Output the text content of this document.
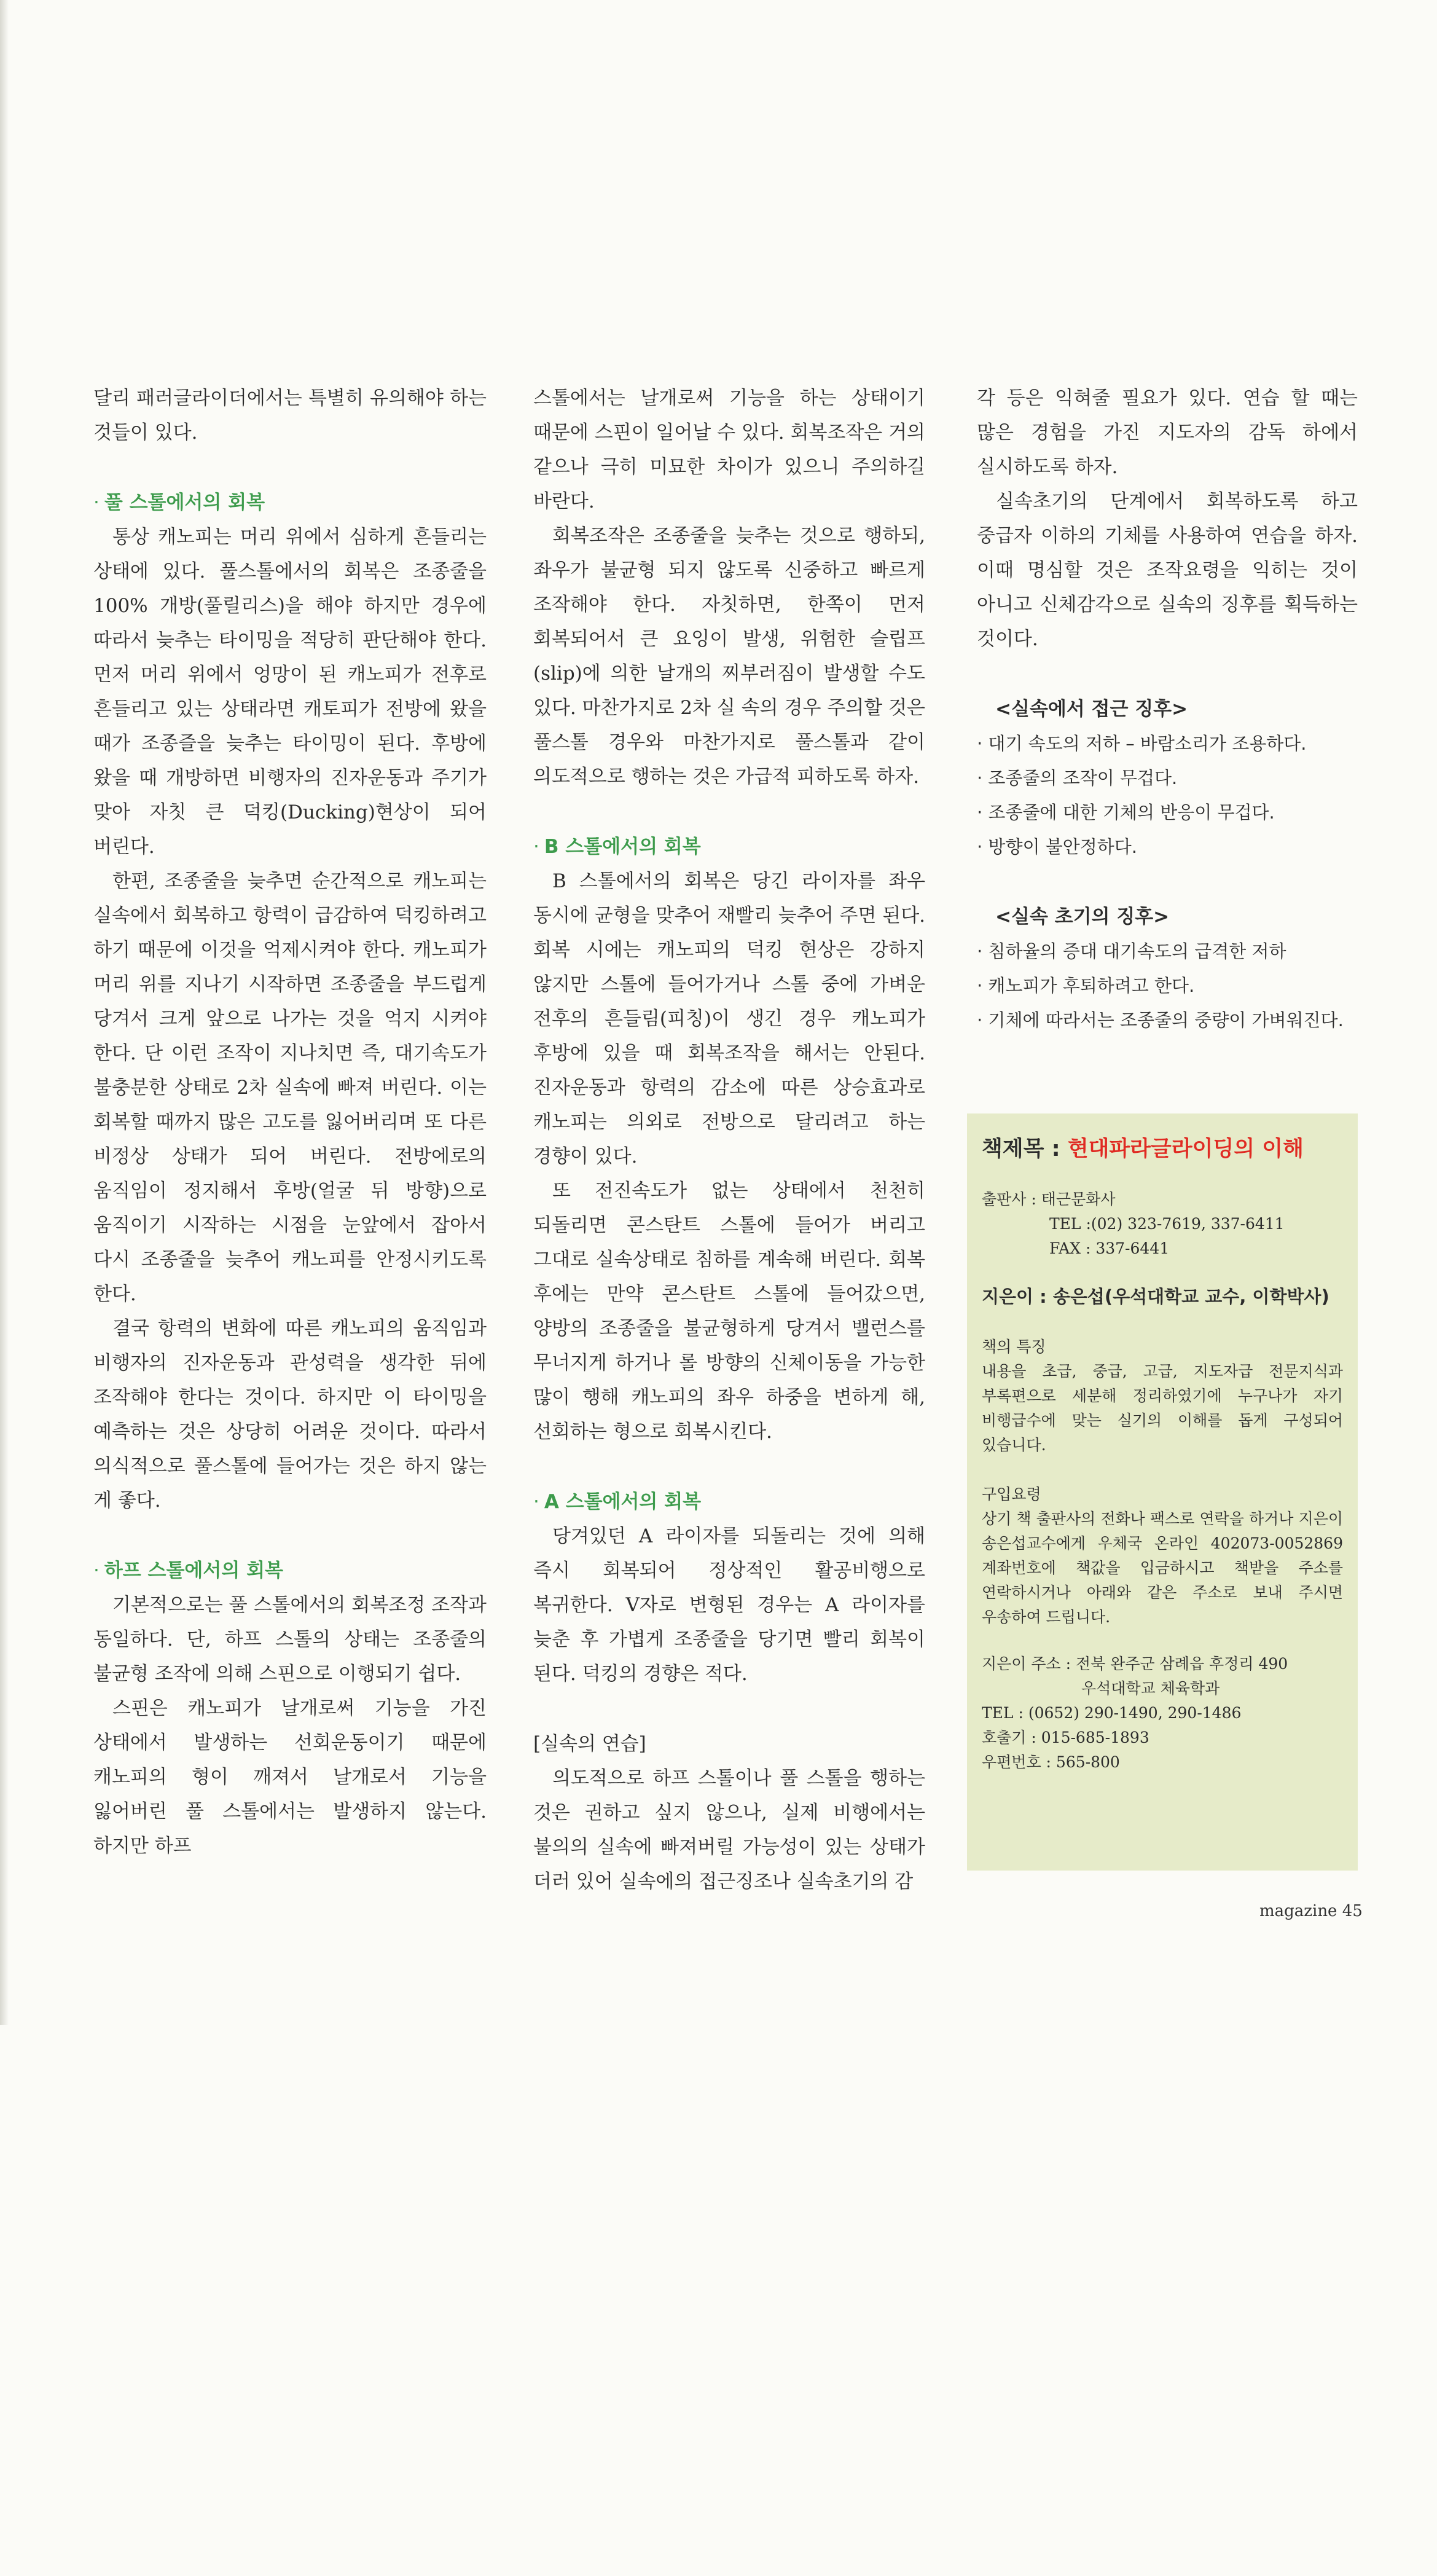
달리 패러글라이더에서는 특별히 유의해야 하는 것들이 있다.

· 풀 스톨에서의 회복

통상 캐노피는 머리 위에서 심하게 흔들리는 상태에 있다. 풀스톨에서의 회복은 조종줄을 100% 개방(풀릴리스)을 해야 하지만 경우에 따라서 늦추는 타이밍을 적당히 판단해야 한다. 먼저 머리 위에서 엉망이 된 캐노피가 전후로 흔들리고 있는 상태라면 캐토피가 전방에 왔을 때가 조종즐을 늦추는 타이밍이 된다. 후방에 왔을 때 개방하면 비행자의 진자운동과 주기가 맞아 자칫 큰 덕킹(Ducking)현상이 되어 버린다.

한편, 조종줄을 늦추면 순간적으로 캐노피는 실속에서 회복하고 항력이 급감하여 덕킹하려고 하기 때문에 이것을 억제시켜야 한다. 캐노피가 머리 위를 지나기 시작하면 조종줄을 부드럽게 당겨서 크게 앞으로 나가는 것을 억지 시켜야 한다. 단 이런 조작이 지나치면 즉, 대기속도가 불충분한 상태로 2차 실속에 빠져 버린다. 이는 회복할 때까지 많은 고도를 잃어버리며 또 다른 비정상 상태가 되어 버린다. 전방에로의 움직임이 정지해서 후방(얼굴 뒤 방향)으로 움직이기 시작하는 시점을 눈앞에서 잡아서 다시 조종줄을 늦추어 캐노피를 안정시키도록 한다.

결국 항력의 변화에 따른 캐노피의 움직임과 비행자의 진자운동과 관성력을 생각한 뒤에 조작해야 한다는 것이다. 하지만 이 타이밍을 예측하는 것은 상당히 어려운 것이다. 따라서 의식적으로 풀스톨에 들어가는 것은 하지 않는 게 좋다.

· 하프 스톨에서의 회복

기본적으로는 풀 스톨에서의 회복조정 조작과 동일하다. 단, 하프 스톨의 상태는 조종줄의 불균형 조작에 의해 스핀으로 이행되기 쉽다.

스핀은 캐노피가 날개로써 기능을 가진 상태에서 발생하는 선회운동이기 때문에 캐노피의 형이 깨져서 날개로서 기능을 잃어버린 풀 스톨에서는 발생하지 않는다. 하지만 하프

스톨에서는 날개로써 기능을 하는 상태이기 때문에 스핀이 일어날 수 있다. 회복조작은 거의 같으나 극히 미묘한 차이가 있으니 주의하길 바란다.

회복조작은 조종줄을 늦추는 것으로 행하되, 좌우가 불균형 되지 않도록 신중하고 빠르게 조작해야 한다. 자칫하면, 한쪽이 먼저 회복되어서 큰 요잉이 발생, 위험한 슬립프(slip)에 의한 날개의 찌부러짐이 발생할 수도 있다. 마찬가지로 2차 실 속의 경우 주의할 것은 풀스톨 경우와 마찬가지로 풀스톨과 같이 의도적으로 행하는 것은 가급적 피하도록 하자.

· B 스톨에서의 회복

B 스톨에서의 회복은 당긴 라이자를 좌우 동시에 균형을 맞추어 재빨리 늦추어 주면 된다. 회복 시에는 캐노피의 덕킹 현상은 강하지 않지만 스톨에 들어가거나 스톨 중에 가벼운 전후의 흔들림(피칭)이 생긴 경우 캐노피가 후방에 있을 때 회복조작을 해서는 안된다. 진자운동과 항력의 감소에 따른 상승효과로 캐노피는 의외로 전방으로 달리려고 하는 경향이 있다.

또 전진속도가 없는 상태에서 천천히 되돌리면 콘스탄트 스톨에 들어가 버리고 그대로 실속상태로 침하를 계속해 버린다. 회복 후에는 만약 콘스탄트 스톨에 들어갔으면, 양방의 조종줄을 불균형하게 당겨서 밸런스를 무너지게 하거나 롤 방향의 신체이동을 가능한 많이 행해 캐노피의 좌우 하중을 변하게 해, 선회하는 형으로 회복시킨다.

· A 스톨에서의 회복

당겨있던 A 라이자를 되돌리는 것에 의해 즉시 회복되어 정상적인 활공비행으로 복귀한다. V자로 변형된 경우는 A 라이자를 늦춘 후 가볍게 조종줄을 당기면 빨리 회복이 된다. 덕킹의 경향은 적다.

[실속의 연습]

의도적으로 하프 스톨이나 풀 스톨을 행하는 것은 권하고 싶지 않으나, 실제 비행에서는 불의의 실속에 빠져버릴 가능성이 있는 상태가 더러 있어 실속에의 접근징조나 실속초기의 감

각 등은 익혀줄 필요가 있다. 연습 할 때는 많은 경험을 가진 지도자의 감독 하에서 실시하도록 하자.

실속초기의 단계에서 회복하도록 하고 중급자 이하의 기체를 사용하여 연습을 하자. 이때 명심할 것은 조작요령을 익히는 것이 아니고 신체감각으로 실속의 징후를 획득하는 것이다.

<실속에서 접근 징후>
· 대기 속도의 저하 – 바람소리가 조용하다.
· 조종줄의 조작이 무겁다.
· 조종줄에 대한 기체의 반응이 무겁다.
· 방향이 불안정하다.
<실속 초기의 징후>
· 침하율의 증대 대기속도의 급격한 저하
· 캐노피가 후퇴하려고 한다.
· 기체에 따라서는 조종줄의 중량이 가벼워진다.
책제목 : 현대파라글라이딩의 이해

출판사 : 태근문화사

TEL :(02) 323-7619, 337-6411

FAX : 337-6441

지은이 : 송은섭(우석대학교 교수, 이학박사)

책의 특징

내용을 초급, 중급, 고급, 지도자급 전문지식과 부록편으로 세분해 정리하였기에 누구나가 자기 비행급수에 맞는 실기의 이해를 돕게 구성되어 있습니다.

구입요령

상기 책 출판사의 전화나 팩스로 연락을 하거나 지은이 송은섭교수에게 우체국 온라인 402073-0052869 계좌번호에 책값을 입금하시고 책받을 주소를 연락하시거나 아래와 같은 주소로 보내 주시면 우송하여 드립니다.

지은이 주소 : 전북 완주군 삼례읍 후정리 490

우석대학교 체육학과

TEL : (0652) 290-1490, 290-1486

호출기 : 015-685-1893

우편번호 : 565-800

magazine 45
